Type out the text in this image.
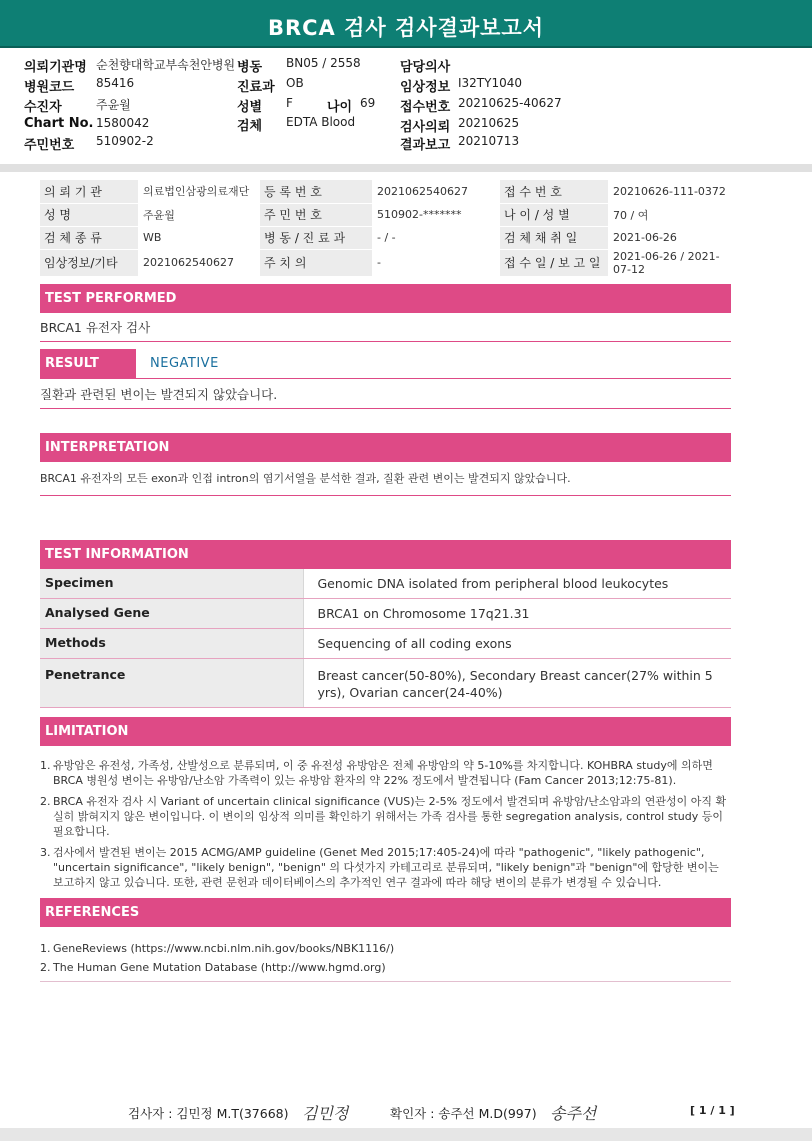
BRCA 검사 검사결과보고서
의뢰기관명 순천향대학교부속천안병원
병원코드 85416
수진자	주윤월
Chart No. 1580042
주민번호 510902-2
병동 BN05 / 2558
진료과 OB
성별 F	나이 69
검체 EDTA Blood
담당의사
임상정보 I32TY1040
접수번호 20210625-40627
검사의뢰 20210625
결과보고 20210713
의 뢰 기 관	의료법인삼광의료재단	등 록 번 호	2021062540627	접 수 번 호	20210626-111-0372
성 명	주윤월	주 민 번 호	510902-*******	나 이 / 성 별	70 / 여
검 체 종 류	WB	병 동 / 진 료 과	- / -	검 체 채 취 일	2021-06-26
임상정보/기타	2021062540627	주 치 의	-	접 수 일 / 보 고 일	2021-06-26 / 2021-07-12
TEST PERFORMED
BRCA1 유전자 검사
RESULT	NEGATIVE
질환과 관련된 변이는 발견되지 않았습니다.
INTERPRETATION
BRCA1 유전자의 모든 exon과 인접 intron의 염기서열을 분석한 결과, 질환 관련 변이는 발견되지 않았습니다.
TEST INFORMATION
Specimen	Genomic DNA isolated from peripheral blood leukocytes
Analysed Gene	BRCA1 on Chromosome 17q21.31
Methods	Sequencing of all coding exons
Penetrance	Breast cancer(50-80%), Secondary Breast cancer(27% within 5 yrs), Ovarian cancer(24-40%)
LIMITATION
1. 유방암은 유전성, 가족성, 산발성으로 분류되며, 이 중 유전성 유방암은 전체 유방암의 약 5-10%를 차지합니다. KOHBRA study에 의하면 BRCA 병원성 변이는 유방암/난소암 가족력이 있는 유방암 환자의 약 22% 정도에서 발견됩니다 (Fam Cancer 2013;12:75-81).
2. BRCA 유전자 검사 시 Variant of uncertain clinical significance (VUS)는 2-5% 정도에서 발견되며 유방암/난소암과의 연관성이 아직 확실히 밝혀지지 않은 변이입니다. 이 변이의 임상적 의미를 확인하기 위해서는 가족 검사를 통한 segregation analysis, control study 등이 필요합니다.
3. 검사에서 발견된 변이는 2015 ACMG/AMP guideline (Genet Med 2015;17:405-24)에 따라 "pathogenic", "likely pathogenic", "uncertain significance", "likely benign", "benign" 의 다섯가지 카테고리로 분류되며, "likely benign"과 "benign"에 합당한 변이는 보고하지 않고 있습니다. 또한, 관련 문헌과 데이터베이스의 추가적인 연구 결과에 따라 해당 변이의 분류가 변경될 수 있습니다.
REFERENCES
1. GeneReviews (https://www.ncbi.nlm.nih.gov/books/NBK1116/)
2. The Human Gene Mutation Database (http://www.hgmd.org)
검사자 : 김민정 M.T(37668) 김민정	확인자 : 송주선 M.D(997) 송주선	[ 1 / 1 ]
